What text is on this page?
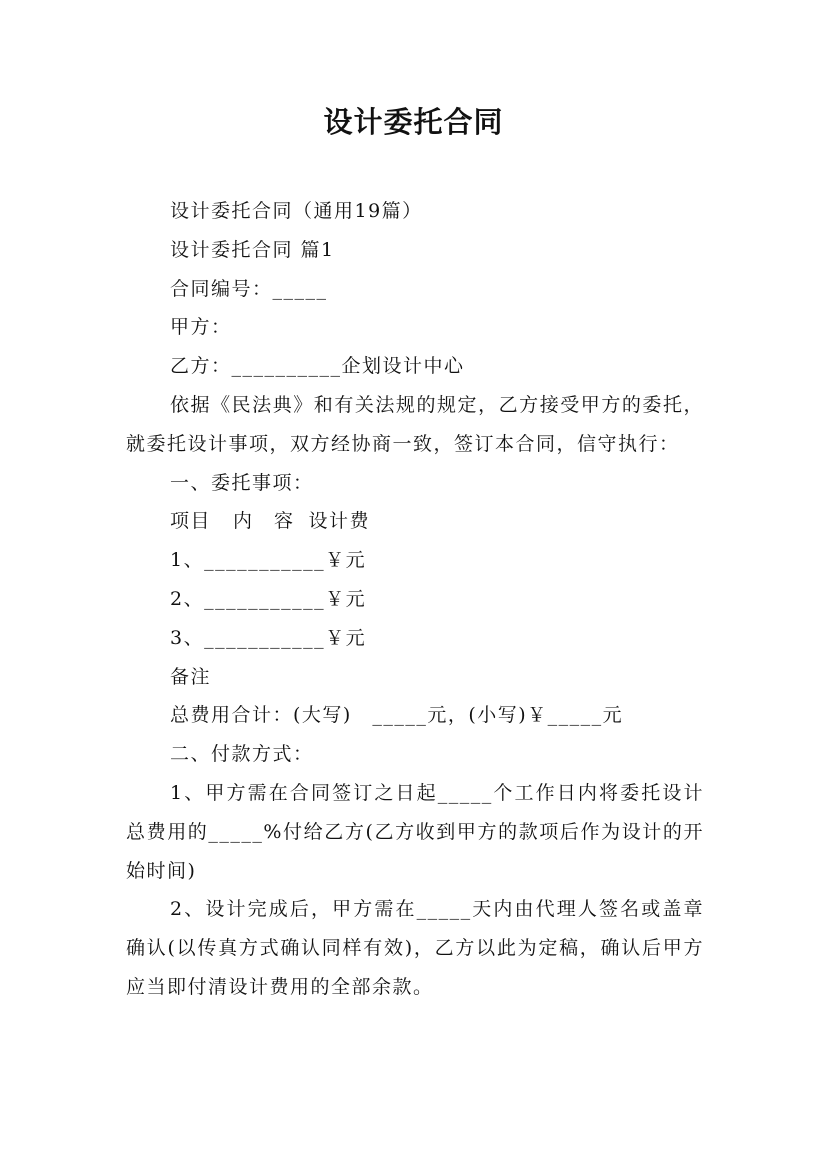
设计委托合同

设计委托合同（通用19篇）

设计委托合同 篇1

合同编号：_____

甲方：

乙方：__________企划设计中心

依据《民法典》和有关法规的规定，乙方接受甲方的委托，就委托设计事项，双方经协商一致，签订本合同，信守执行：

一、委托事项：

项目 内　容 设计费

1、___________￥元

2、___________￥元

3、___________￥元

备注

总费用合计：(大写)　_____元，(小写)￥_____元

二、付款方式：

1、甲方需在合同签订之日起_____个工作日内将委托设计总费用的_____%付给乙方(乙方收到甲方的款项后作为设计的开始时间)

2、设计完成后，甲方需在_____天内由代理人签名或盖章确认(以传真方式确认同样有效)，乙方以此为定稿，确认后甲方应当即付清设计费用的全部余款。
